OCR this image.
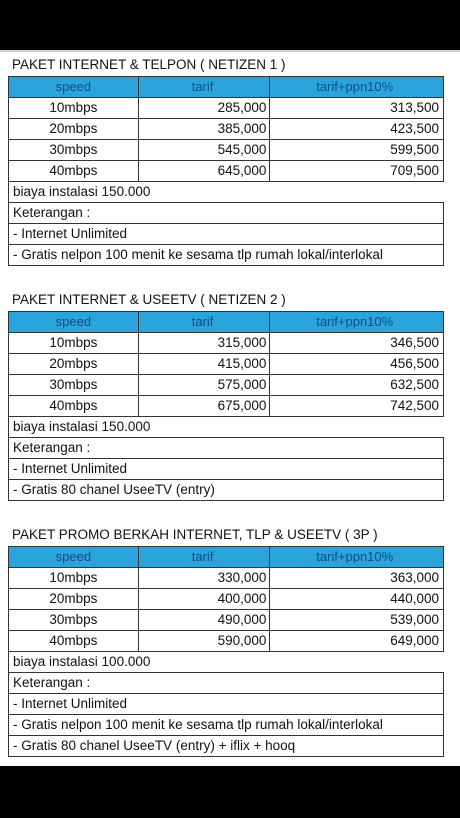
PAKET INTERNET & TELPON ( NETIZEN 1 )
speed	tarif	tarif+ppn10%
10mbps	285,000	313,500
20mbps	385,000	423,500
30mbps	545,000	599,500
40mbps	645,000	709,500
biaya instalasi 150.000
Keterangan :
- Internet Unlimited
- Gratis nelpon 100 menit ke sesama tlp rumah lokal/interlokal
PAKET INTERNET & USEETV ( NETIZEN 2 )
speed	tarif	tarif+ppn10%
10mbps	315,000	346,500
20mbps	415,000	456,500
30mbps	575,000	632,500
40mbps	675,000	742,500
biaya instalasi 150.000
Keterangan :
- Internet Unlimited
- Gratis 80 chanel UseeTV (entry)
PAKET PROMO BERKAH INTERNET, TLP & USEETV ( 3P )
speed	tarif	tarif+ppn10%
10mbps	330,000	363,000
20mbps	400,000	440,000
30mbps	490,000	539,000
40mbps	590,000	649,000
biaya instalasi 100.000
Keterangan :
- Internet Unlimited
- Gratis nelpon 100 menit ke sesama tlp rumah lokal/interlokal
- Gratis 80 chanel UseeTV (entry) + iflix + hooq
